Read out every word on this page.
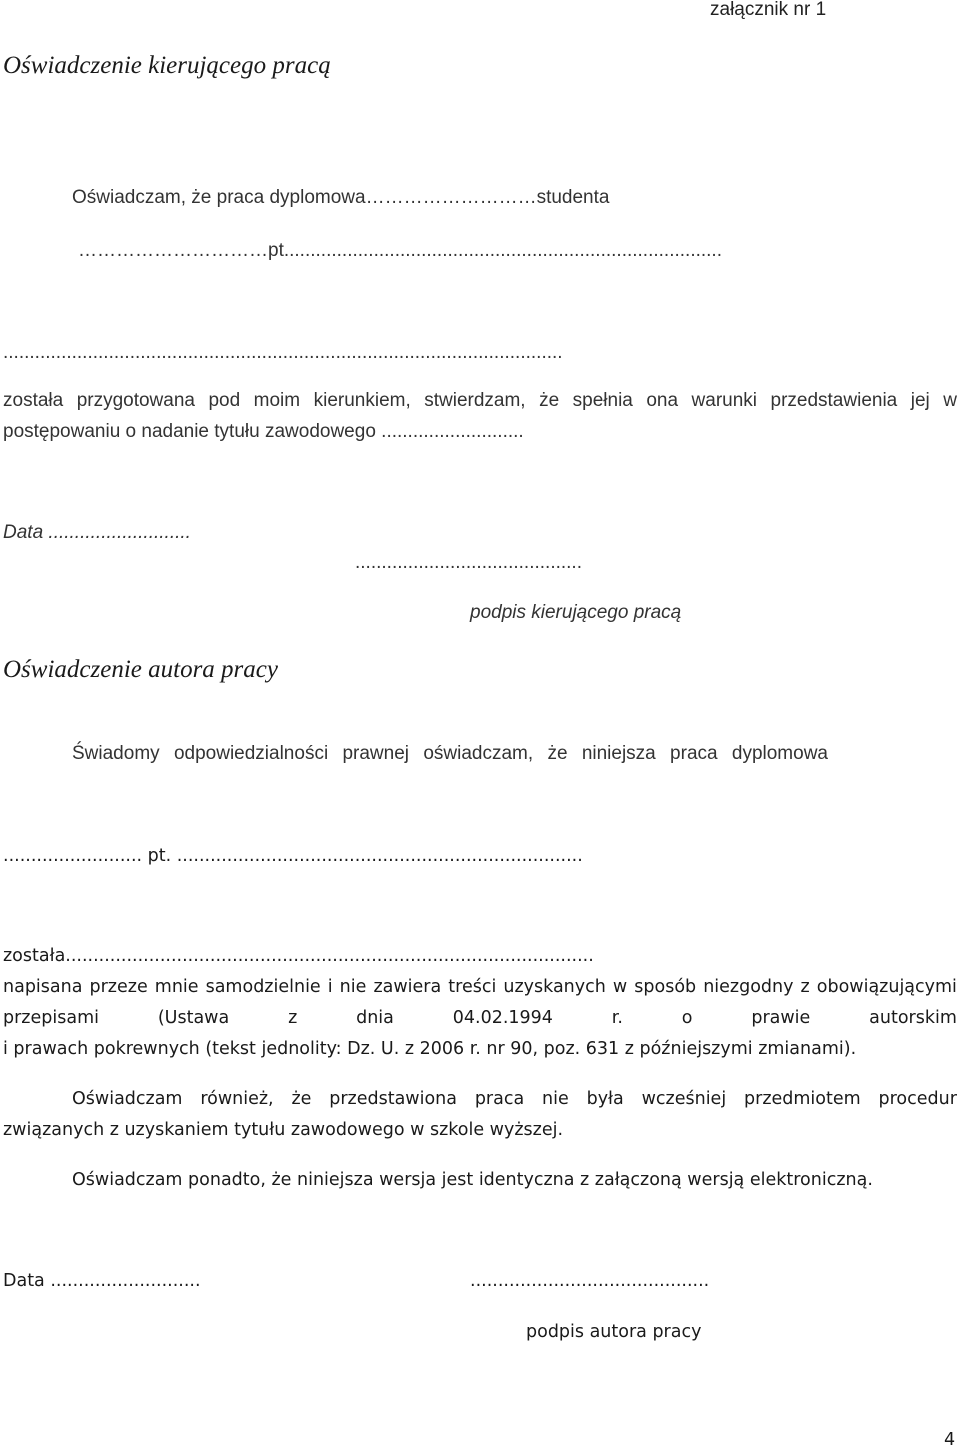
załącznik nr 1

Oświadczenie kierującego pracą

Oświadczam, że praca dyplomowa………………………studenta

…………………………pt...................................................................................

..........................................................................................................

została przygotowana pod moim kierunkiem, stwierdzam, że spełnia ona warunki przedstawienia jej w

postępowaniu o nadanie tytułu zawodowego ...........................

Data ...........................

...........................................

podpis kierującego pracą

Oświadczenie autora pracy

Świadomy odpowiedzialności prawnej oświadczam, że niniejsza praca dyplomowa

......................... pt. .........................................................................

...............................................................................................została

napisana przeze mnie samodzielnie i nie zawiera treści uzyskanych w sposób niezgodny z obowiązującymi

przepisami	(Ustawa	z	dnia	04.02.1994	r.	o	prawie	autorskim

i prawach pokrewnych (tekst jednolity: Dz. U. z 2006 r. nr 90, poz. 631 z późniejszymi zmianami).

Oświadczam również, że przedstawiona praca nie była wcześniej przedmiotem procedur

związanych z uzyskaniem tytułu zawodowego w szkole wyższej.

Oświadczam ponadto, że niniejsza wersja jest identyczna z załączoną wersją elektroniczną.

Data ...........................	...........................................

podpis autora pracy

4
